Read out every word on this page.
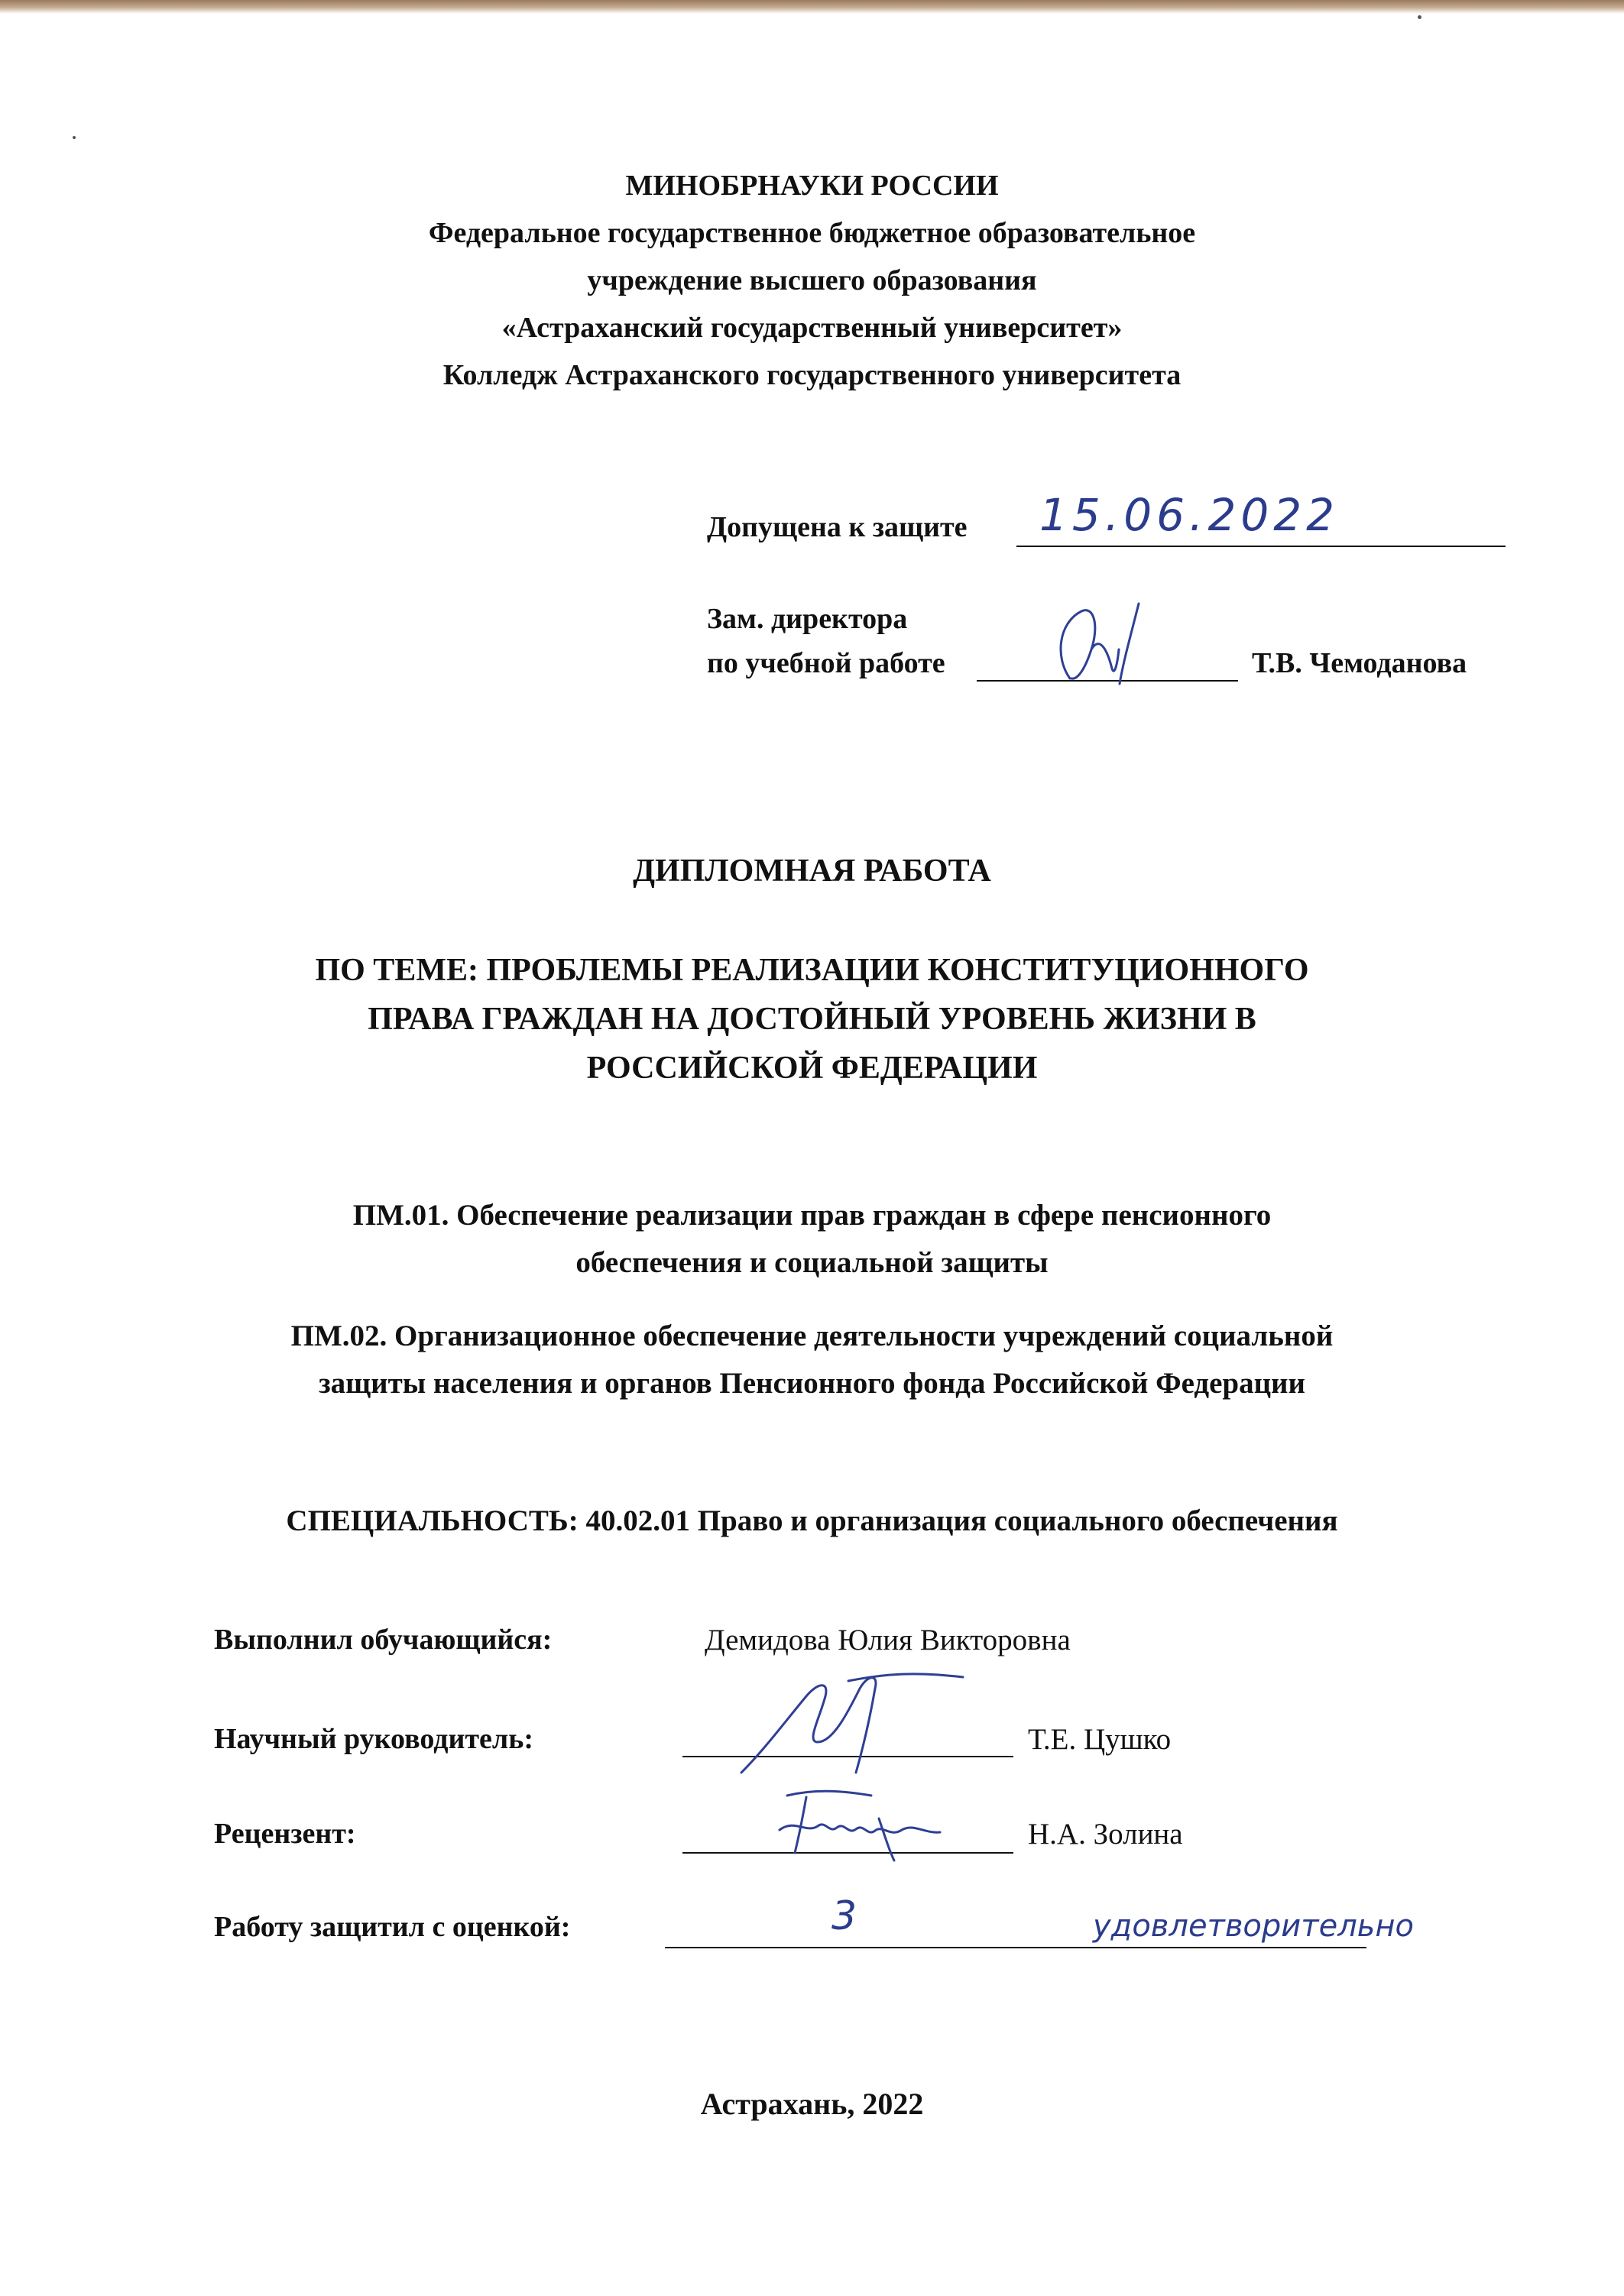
МИНОБРНАУКИ РОССИИ
Федеральное государственное бюджетное образовательное
учреждение высшего образования
«Астраханский государственный университет»
Колледж Астраханского государственного университета
Допущена к защите 15.06.2022
Зам. директора
по учебной работе	Т.В. Чемоданова
ДИПЛОМНАЯ РАБОТА
ПО ТЕМЕ: ПРОБЛЕМЫ РЕАЛИЗАЦИИ КОНСТИТУЦИОННОГО
ПРАВА ГРАЖДАН НА ДОСТОЙНЫЙ УРОВЕНЬ ЖИЗНИ В
РОССИЙСКОЙ ФЕДЕРАЦИИ
ПМ.01. Обеспечение реализации прав граждан в сфере пенсионного
обеспечения и социальной защиты
ПМ.02. Организационное обеспечение деятельности учреждений социальной
защиты населения и органов Пенсионного фонда Российской Федерации
СПЕЦИАЛЬНОСТЬ: 40.02.01 Право и организация социального обеспечения
Выполнил обучающийся:	Демидова Юлия Викторовна
Научный руководитель:	Т.Е. Цушко
Рецензент:	Н.А. Золина
Работу защитил с оценкой:	3	удовлетворительно
Астрахань, 2022
